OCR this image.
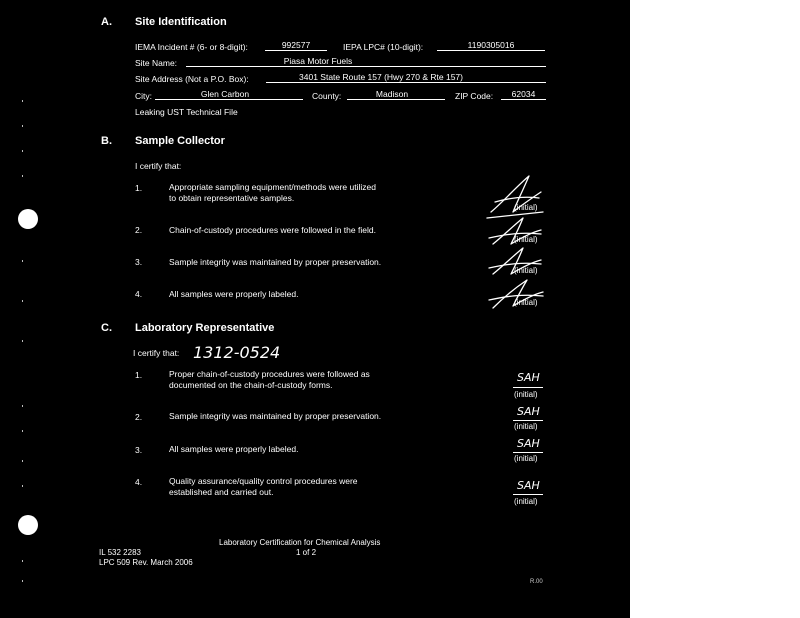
A. Site Identification
IEMA Incident # (6- or 8-digit):	992577	IEPA LPC# (10-digit):	1190305016
Site Name:	Piasa Motor Fuels
Site Address (Not a P.O. Box):	3401 State Route 157 (Hwy 270 & Rte 157)
City:	Glen Carbon	County:	Madison	ZIP Code:	62034
Leaking UST Technical File
B. Sample Collector
I certify that:
1.	Appropriate sampling equipment/methods were utilized
to obtain representative samples.
(initial)
2.	Chain-of-custody procedures were followed in the field.
(initial)
3.	Sample integrity was maintained by proper preservation.
(initial)
4.	All samples were properly labeled.
(initial)
C. Laboratory Representative
I certify that: 1312-0524
1.	Proper chain-of-custody procedures were followed as
documented on the chain-of-custody forms.
SAH
(initial)
2.	Sample integrity was maintained by proper preservation.	SAH
(initial)
3.	All samples were properly labeled.	SAH
(initial)
4.	Quality assurance/quality control procedures were
established and carried out.	SAH
(initial)
Laboratory Certification for Chemical Analysis
IL 532 2283	1 of 2
LPC 509 Rev. March 2006
R.00
